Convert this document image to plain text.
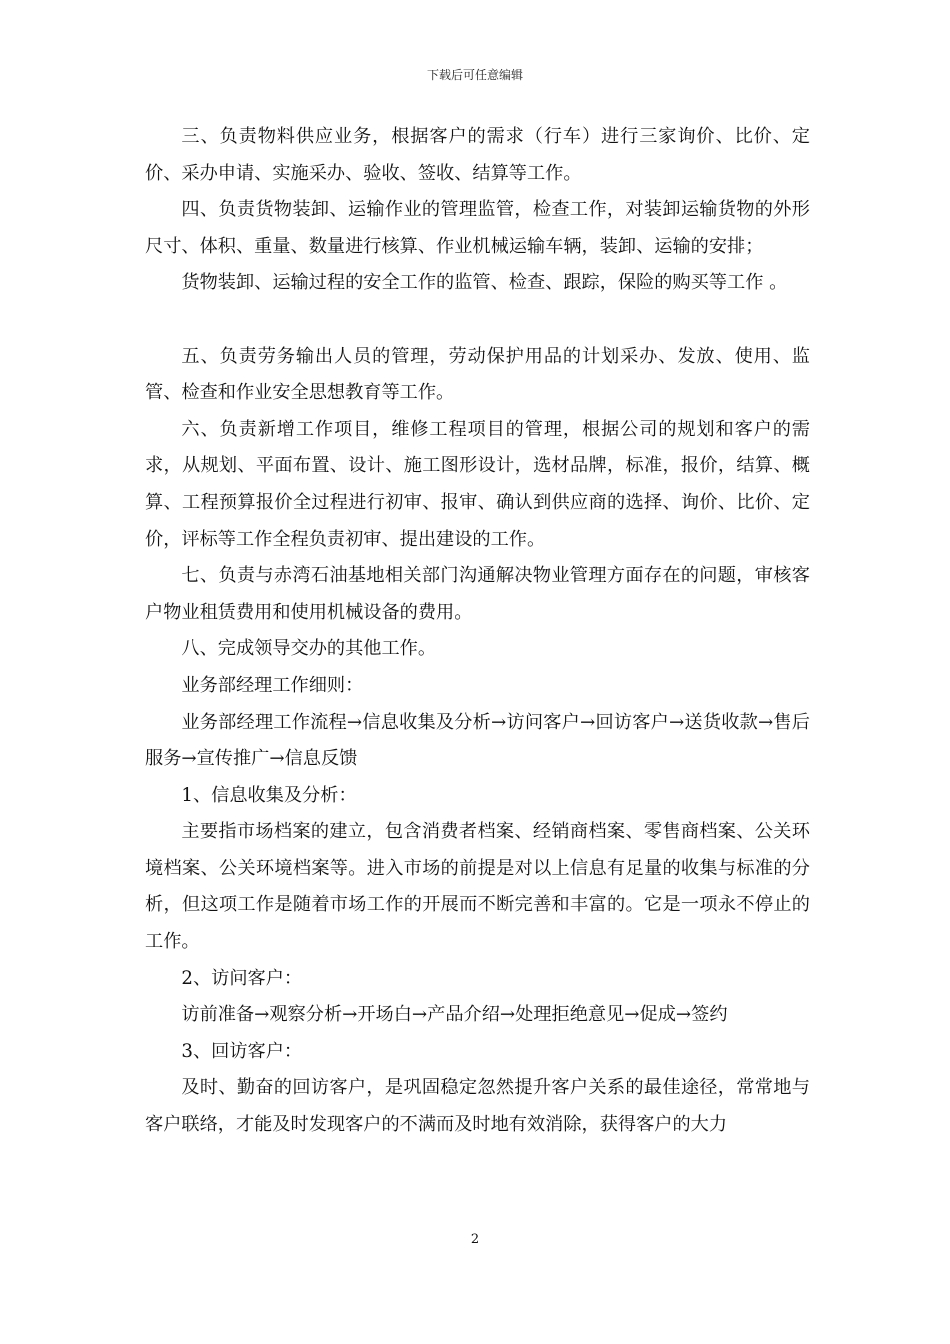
下载后可任意编辑

三、负责物料供应业务，根据客户的需求（行车）进行三家询价、比价、定价、采办申请、实施采办、验收、签收、结算等工作。

四、负责货物装卸、运输作业的管理监管，检查工作，对装卸运输货物的外形尺寸、体积、重量、数量进行核算、作业机械运输车辆，装卸、运输的安排；

货物装卸、运输过程的安全工作的监管、检查、跟踪，保险的购买等工作 。

五、负责劳务输出人员的管理，劳动保护用品的计划采办、发放、使用、监管、检查和作业安全思想教育等工作。

六、负责新增工作项目，维修工程项目的管理，根据公司的规划和客户的需求，从规划、平面布置、设计、施工图形设计，选材品牌，标准，报价，结算、概算、工程预算报价全过程进行初审、报审、确认到供应商的选择、询价、比价、定价，评标等工作全程负责初审、提出建设的工作。

七、负责与赤湾石油基地相关部门沟通解决物业管理方面存在的问题，审核客户物业租赁费用和使用机械设备的费用。

八、完成领导交办的其他工作。

业务部经理工作细则：

业务部经理工作流程→信息收集及分析→访问客户→回访客户→送货收款→售后服务→宣传推广→信息反馈

1、信息收集及分析：

主要指市场档案的建立，包含消费者档案、经销商档案、零售商档案、公关环境档案、公关环境档案等。进入市场的前提是对以上信息有足量的收集与标准的分析，但这项工作是随着市场工作的开展而不断完善和丰富的。它是一项永不停止的工作。

2、访问客户：

访前准备→观察分析→开场白→产品介绍→处理拒绝意见→促成→签约

3、回访客户：

及时、勤奋的回访客户，是巩固稳定忽然提升客户关系的最佳途径，常常地与客户联络，才能及时发现客户的不满而及时地有效消除，获得客户的大力

2
